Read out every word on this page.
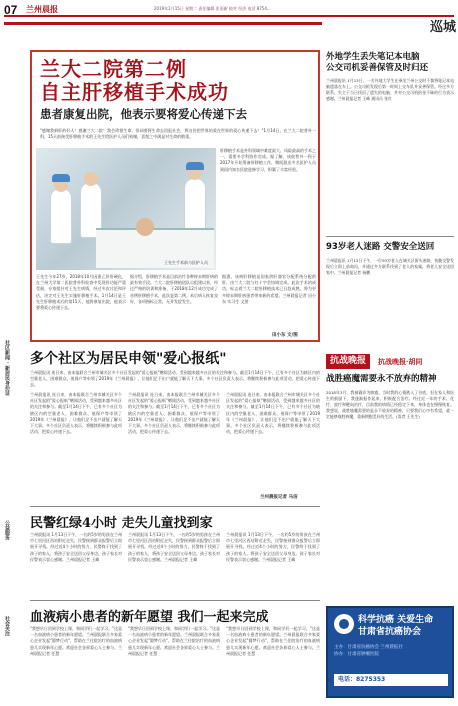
07 兰州晨报	2019年1月15日 星期二 责任编辑 张雨新 校对 经济 电话 8754...
巡城
兰大二院第二例
自主肝移植手术成功
患者康复出院，他表示要将爱心传递下去
"感谢我捐肝的好人！感谢兰大二院！我会珍惜生命，但却要将生命去回报社会，将这份把世界的爱在世界的爱心传递下去！"1月14日，在兰大二院普外一科，15天前接受肝移植手术的王先生给医护人员们致谢，喜悦之中满是对生命的敬重。
王先生手术前与医护人员
肝移植手术是外科领域中难度最大、风险最高的手术之一，需要多学科协作完成。据了解，该院普外一科于2017年开始筹备肝移植工作，期间派出多名医护人员到国内知名医院进修学习，积累了丰富经验。
王先生今年27岁，2018年10月因患乙肝肝硬化，在兰州大学第二医院普外科检查中发现肝功能严重受损，专家组针对王先生病情，经过多次讨论和评估，决定对王先生实施肝移植手术。1月14日是王先生肝移植术后的第15天，他将康复出院，他表示要将爱心传递下去。
据介绍，肝移植手术是目前治疗各种终末期肝病的最有效手段。兰大二院肝移植团队自组建以来，经过严格的培训和准备，于2018年12月成功完成了首例肝移植手术，此次是第二例。术后病人恢复良好，各项指标正常，无并发症发生。
据悉，该病肝移植是国家供肝器官分配系统分配供肝，由兰大二院与红十字会协调完成。此次手术的成功，标志着兰大二院肝移植技术已日趋成熟，将为更多终末期肝病患者带来新的希望。兰州晨报记者 田小东 实习生 文图
田小东 文/图
社区新闻 · 新居民身份证
公益服务
社会关注
多个社区为居民申领"爱心报纸"
兰州晨报讯 连日来，由本报联合兰州市城关区多个社区发起的"爱心报纸"赠阅活动，受到越来越多社区的关注和参与。截至1月14日下午，已有多个社区为辖区内的空巢老人、困难群众、低保户等申领了2019年《兰州晨报》，让他们足不出户就能了解天下大事。多个社区负责人表示，将继续积极参与此项活动，把爱心传递下去。
兰州晨报讯 连日来，由本报联合兰州市城关区多个社区发起的"爱心报纸"赠阅活动，受到越来越多社区的关注和参与。截至1月14日下午，已有多个社区为辖区内的空巢老人、困难群众、低保户等申领了2019年《兰州晨报》，让他们足不出户就能了解天下大事。多个社区负责人表示，将继续积极参与此项活动，把爱心传递下去。
兰州晨报讯 连日来，由本报联合兰州市城关区多个社区发起的"爱心报纸"赠阅活动，受到越来越多社区的关注和参与。截至1月14日下午，已有多个社区为辖区内的空巢老人、困难群众、低保户等申领了2019年《兰州晨报》，让他们足不出户就能了解天下大事。多个社区负责人表示，将继续积极参与此项活动，把爱心传递下去。
兰州晨报讯 连日来，由本报联合兰州市城关区多个社区发起的"爱心报纸"赠阅活动，受到越来越多社区的关注和参与。截至1月14日下午，已有多个社区为辖区内的空巢老人、困难群众、低保户等申领了2019年《兰州晨报》，让他们足不出户就能了解天下大事。多个社区负责人表示，将继续积极参与此项活动，把爱心传递下去。
兰州晨报记者 马洁
民警红绿4小时 走失儿童找到家
兰州晨报讯 1月13日下午，一名约5岁的男孩在兰州市七里河区西站附近走失，民警接到群众报警后立即展开寻找。经过近4个小时的努力，民警终于找到了孩子的家人，将孩子安全送回父母身边。孩子家长对民警表示衷心感谢。兰州晨报记者 王峰
兰州晨报讯 1月13日下午，一名约5岁的男孩在兰州市七里河区西站附近走失，民警接到群众报警后立即展开寻找。经过近4个小时的努力，民警终于找到了孩子的家人，将孩子安全送回父母身边。孩子家长对民警表示衷心感谢。兰州晨报记者 王峰
兰州晨报讯 1月13日下午，一名约5岁的男孩在兰州市七里河区西站附近走失，民警接到群众报警后立即展开寻找。经过近4个小时的努力，民警终于找到了孩子的家人，将孩子安全送回父母身边。孩子家长对民警表示衷心感谢。兰州晨报记者 王峰
血液病小患者的新年愿望 我们一起来完成
"我想早日回到学校上课，和同学们一起学习。"这是一名血液病小患者的新年愿望。兰州晨报联合多家爱心企业发起"圆梦行动"，帮助在兰住院治疗的血液病患儿实现新年心愿。欢迎社会各界爱心人士参与。兰州晨报记者 任慧
"我想早日回到学校上课，和同学们一起学习。"这是一名血液病小患者的新年愿望。兰州晨报联合多家爱心企业发起"圆梦行动"，帮助在兰住院治疗的血液病患儿实现新年心愿。欢迎社会各界爱心人士参与。兰州晨报记者 任慧
"我想早日回到学校上课，和同学们一起学习。"这是一名血液病小患者的新年愿望。兰州晨报联合多家爱心企业发起"圆梦行动"，帮助在兰住院治疗的血液病患儿实现新年心愿。欢迎社会各界爱心人士参与。兰州晨报记者 任慧
外地学生丢失笔记本电脑
公交司机妥善保管及时归还
兰州晨报讯 1月13日，一名外地大学生在乘坐兰州公交时不慎将笔记本电脑遗落在车上。公交司机发现后第一时间上交车队并妥善保管。经过多方联系，失主于当日找回了遗失的电脑，并对公交司机拾金不昧的行为表示感谢。兰州晨报记者 王峰 通讯员 张红
93岁老人迷路 交警安全送回
兰州晨报讯 1月13日下午，一位93岁老人在城关区街头迷路，执勤交警发现后立即上前询问，并通过多方联系找到了老人的家属，将老人安全送回家中。兰州晨报记者 杨鹏
抗战晚报	抗战晚报·胡同
战胜癌魔需要永不放弃的精神
2018年3月，我被确诊为肺癌。当时我的心情跌入了谷底，但在家人和医生的鼓励下，我逐渐振作起来，积极配合治疗。经过近一年的手术、化疗、放疗和靶向治疗，目前我的病情已经稳定下来，身体也在慢慢恢复。我想说，战胜癌魔需要的是永不放弃的精神，只要我们心中有希望，就一定能够战胜病魔，重新拥抱美好的生活。(读者 王先生)
科学抗癌 关爱生命
甘肃省抗癌协会
主办：甘肃省抗癌协会 兰州晨报社
协办：甘肃省肿瘤医院
电话：8275353
